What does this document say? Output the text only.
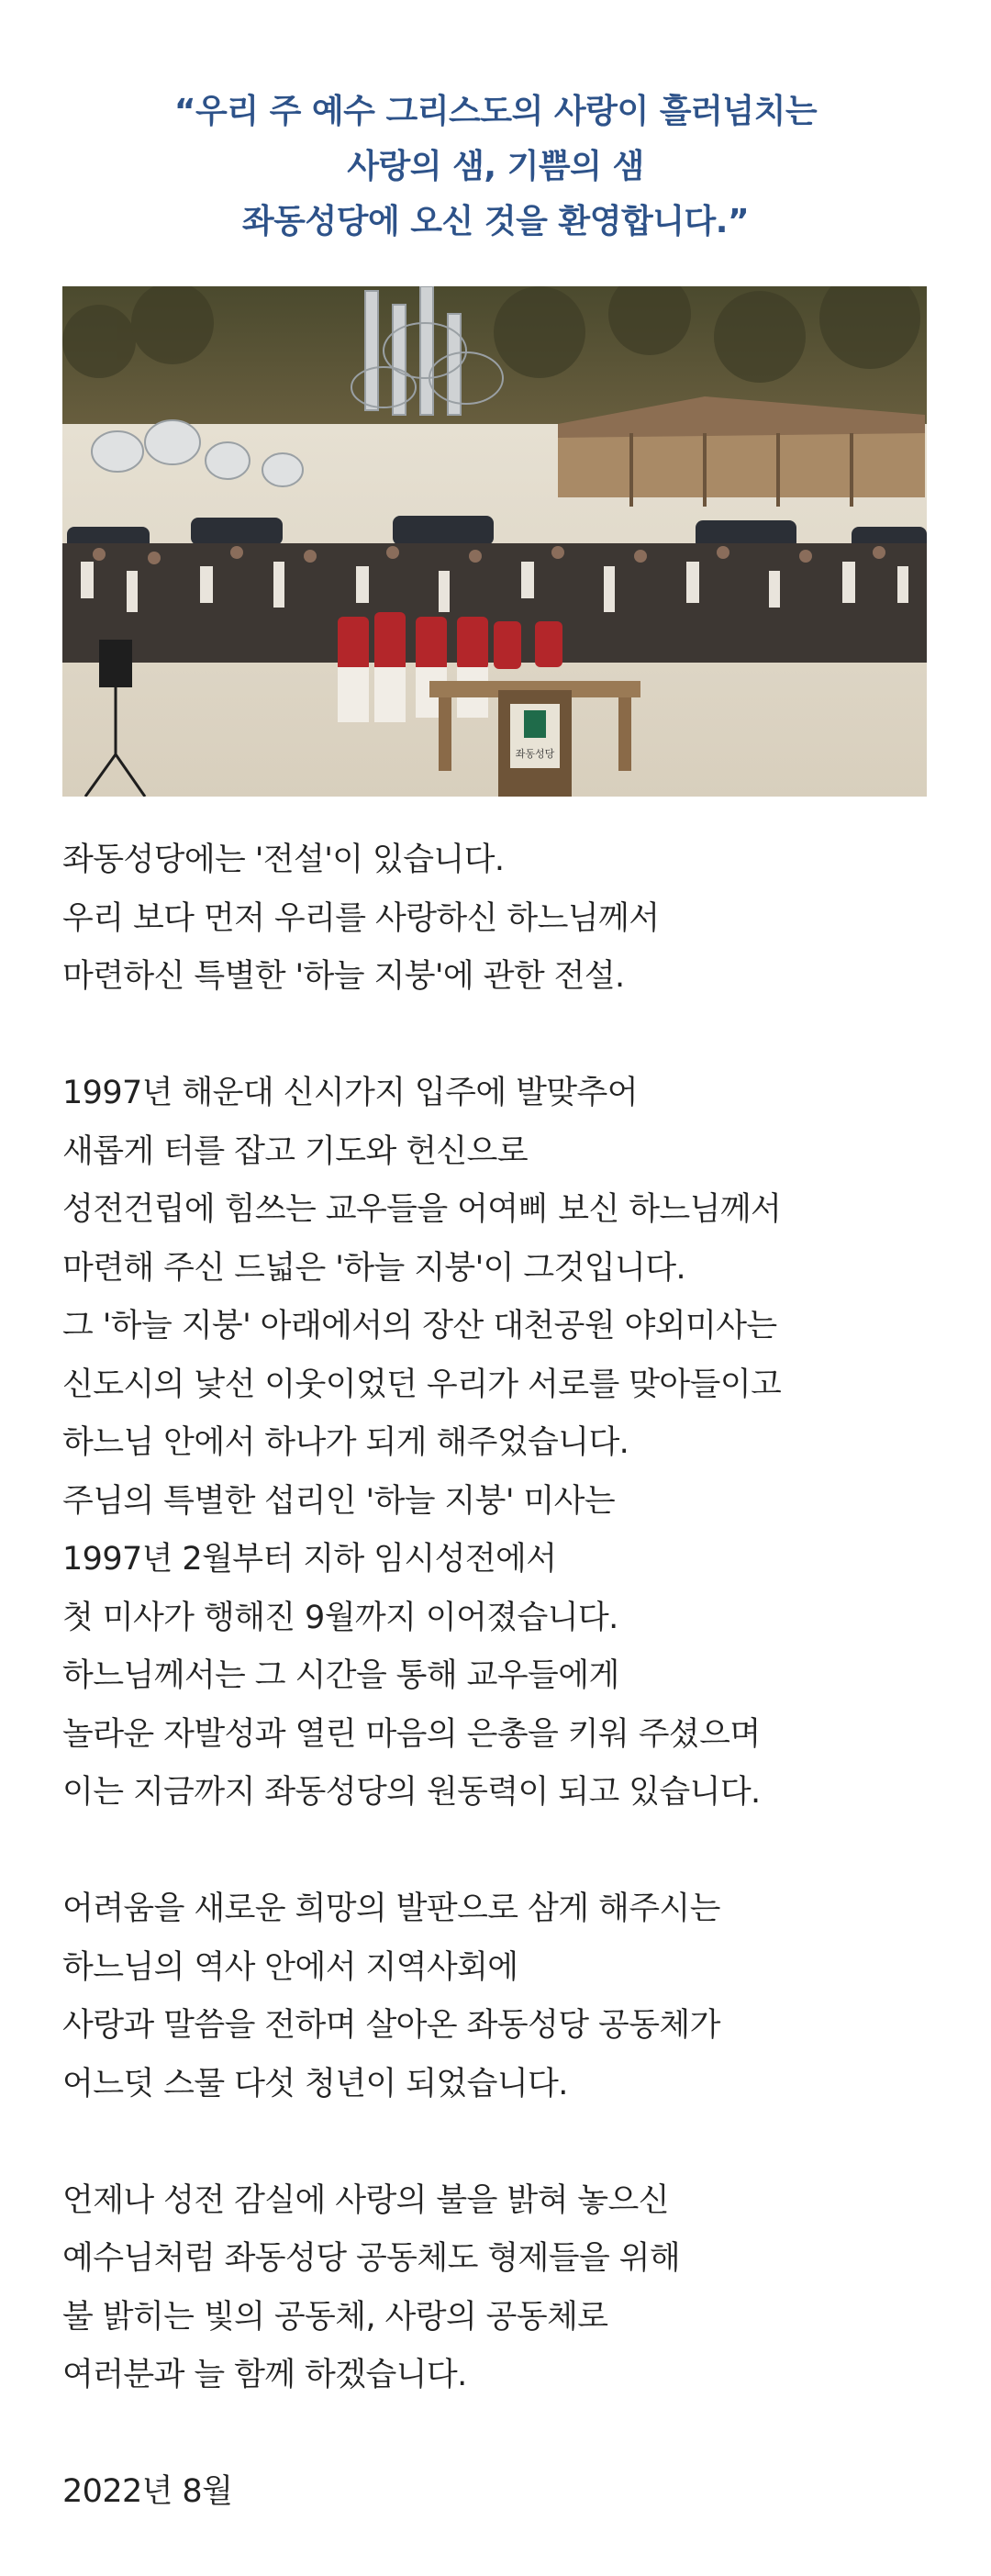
“우리 주 예수 그리스도의 사랑이 흘러넘치는
사랑의 샘, 기쁨의 샘
좌동성당에 오신 것을 환영합니다.”
좌동성당
좌동성당에는 '전설'이 있습니다.
우리 보다 먼저 우리를 사랑하신 하느님께서
마련하신 특별한 '하늘 지붕'에 관한 전설.
1997년 해운대 신시가지 입주에 발맞추어
새롭게 터를 잡고 기도와 헌신으로
성전건립에 힘쓰는 교우들을 어여삐 보신 하느님께서
마련해 주신 드넓은 '하늘 지붕'이 그것입니다.
그 '하늘 지붕' 아래에서의 장산 대천공원 야외미사는
신도시의 낯선 이웃이었던 우리가 서로를 맞아들이고
하느님 안에서 하나가 되게 해주었습니다.
주님의 특별한 섭리인 '하늘 지붕' 미사는
1997년 2월부터 지하 임시성전에서
첫 미사가 행해진 9월까지 이어졌습니다.
하느님께서는 그 시간을 통해 교우들에게
놀라운 자발성과 열린 마음의 은총을 키워 주셨으며
이는 지금까지 좌동성당의 원동력이 되고 있습니다.
어려움을 새로운 희망의 발판으로 삼게 해주시는
하느님의 역사 안에서 지역사회에
사랑과 말씀을 전하며 살아온 좌동성당 공동체가
어느덧 스물 다섯 청년이 되었습니다.
언제나 성전 감실에 사랑의 불을 밝혀 놓으신
예수님처럼 좌동성당 공동체도 형제들을 위해
불 밝히는 빛의 공동체, 사랑의 공동체로
여러분과 늘 함께 하겠습니다.
2022년 8월
